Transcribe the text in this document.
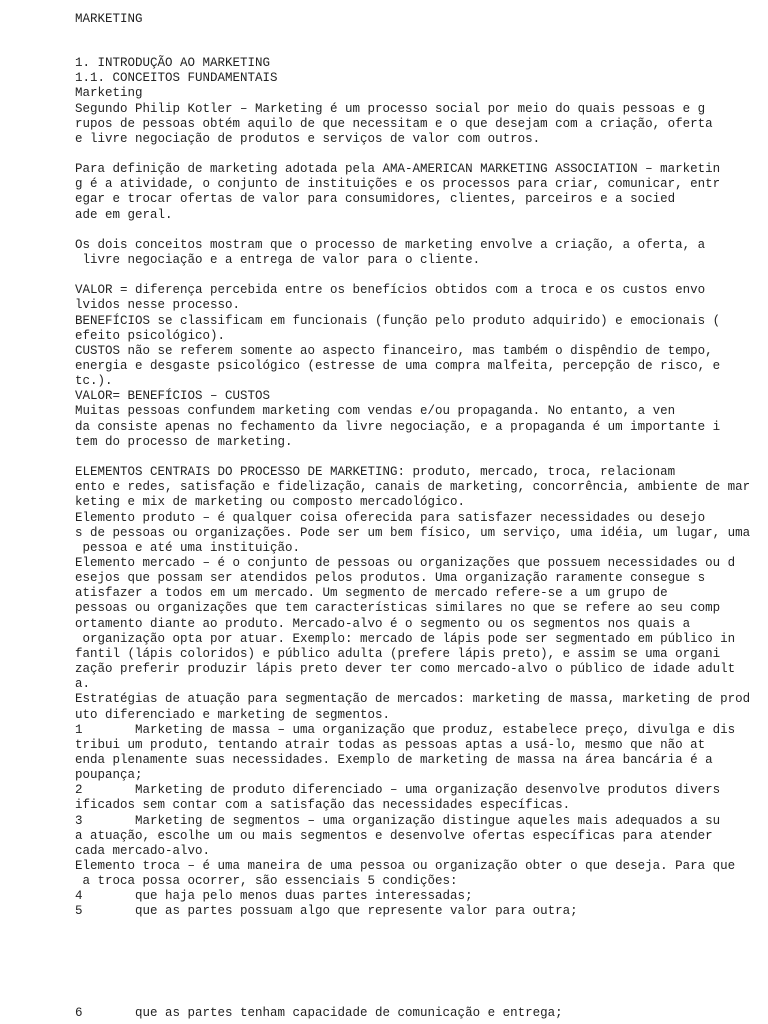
MARKETING

1. INTRODUÇÃO AO MARKETING

1.1. CONCEITOS FUNDAMENTAIS

Marketing

Segundo Philip Kotler – Marketing é um processo social por meio do quais pessoas e g

rupos de pessoas obtém aquilo de que necessitam e o que desejam com a criação, oferta

e livre negociação de produtos e serviços de valor com outros.

Para definição de marketing adotada pela AMA-AMERICAN MARKETING ASSOCIATION – marketin

g é a atividade, o conjunto de instituições e os processos para criar, comunicar, entr

egar e trocar ofertas de valor para consumidores, clientes, parceiros e a socied

ade em geral.

Os dois conceitos mostram que o processo de marketing envolve a criação, a oferta, a

livre negociação e a entrega de valor para o cliente.

VALOR = diferença percebida entre os benefícios obtidos com a troca e os custos envo

lvidos nesse processo.

BENEFÍCIOS se classificam em funcionais (função pelo produto adquirido) e emocionais (

efeito psicológico).

CUSTOS não se referem somente ao aspecto financeiro, mas também o dispêndio de tempo,

energia e desgaste psicológico (estresse de uma compra malfeita, percepção de risco, e

tc.).

VALOR= BENEFÍCIOS – CUSTOS

Muitas pessoas confundem marketing com vendas e/ou propaganda. No entanto, a ven

da consiste apenas no fechamento da livre negociação, e a propaganda é um importante i

tem do processo de marketing.

ELEMENTOS CENTRAIS DO PROCESSO DE MARKETING: produto, mercado, troca, relacionam

ento e redes, satisfação e fidelização, canais de marketing, concorrência, ambiente de mar

keting e mix de marketing ou composto mercadológico.

Elemento produto – é qualquer coisa oferecida para satisfazer necessidades ou desejo

s de pessoas ou organizações. Pode ser um bem físico, um serviço, uma idéia, um lugar, uma

pessoa e até uma instituição.

Elemento mercado – é o conjunto de pessoas ou organizações que possuem necessidades ou d

esejos que possam ser atendidos pelos produtos. Uma organização raramente consegue s

atisfazer a todos em um mercado. Um segmento de mercado refere-se a um grupo de

pessoas ou organizações que tem características similares no que se refere ao seu comp

ortamento diante ao produto. Mercado-alvo é o segmento ou os segmentos nos quais a

organização opta por atuar. Exemplo: mercado de lápis pode ser segmentado em público in

fantil (lápis coloridos) e público adulta (prefere lápis preto), e assim se uma organi

zação preferir produzir lápis preto dever ter como mercado-alvo o público de idade adult

a.

Estratégias de atuação para segmentação de mercados: marketing de massa, marketing de prod

uto diferenciado e marketing de segmentos.

1       Marketing de massa – uma organização que produz, estabelece preço, divulga e dis

tribui um produto, tentando atrair todas as pessoas aptas a usá-lo, mesmo que não at

enda plenamente suas necessidades. Exemplo de marketing de massa na área bancária é a

poupança;

2       Marketing de produto diferenciado – uma organização desenvolve produtos divers

ificados sem contar com a satisfação das necessidades específicas.

3       Marketing de segmentos – uma organização distingue aqueles mais adequados a su

a atuação, escolhe um ou mais segmentos e desenvolve ofertas específicas para atender

cada mercado-alvo.

Elemento troca – é uma maneira de uma pessoa ou organização obter o que deseja. Para que

a troca possa ocorrer, são essenciais 5 condições:

4       que haja pelo menos duas partes interessadas;

5       que as partes possuam algo que represente valor para outra;

6       que as partes tenham capacidade de comunicação e entrega;
